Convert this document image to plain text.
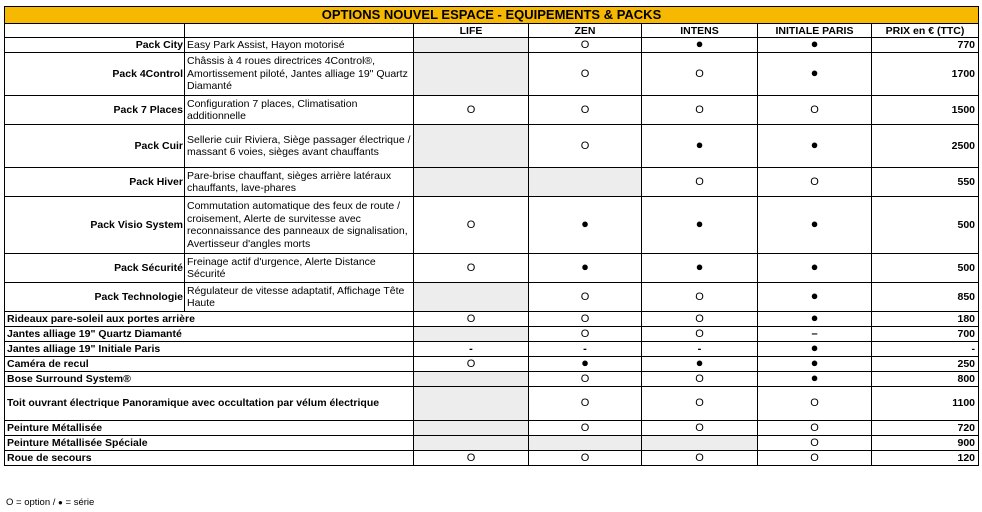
OPTIONS NOUVEL ESPACE - EQUIPEMENTS & PACKS						
		LIFE	ZEN	INTENS	INITIALE PARIS	PRIX en € (TTC)
Pack City	Easy Park Assist, Hayon motorisé		O	●	●	770
Pack 4Control	Châssis à 4 roues directrices 4Control®, Amortissement piloté, Jantes alliage 19" Quartz Diamanté		O	O	●	1700
Pack 7 Places	Configuration 7 places, Climatisation additionnelle	O	O	O	O	1500
Pack Cuir	Sellerie cuir Riviera, Siège passager électrique / massant 6 voies, sièges avant chauffants		O	●	●	2500
Pack Hiver	Pare-brise chauffant, sièges arrière latéraux chauffants, lave-phares			O	O	550
Pack Visio System	Commutation automatique des feux de route / croisement, Alerte de survitesse avec reconnaissance des panneaux de signalisation, Avertisseur d'angles morts	O	●	●	●	500
Pack Sécurité	Freinage actif d'urgence, Alerte Distance Sécurité	O	●	●	●	500
Pack Technologie	Régulateur de vitesse adaptatif, Affichage Tête Haute		O	O	●	850
Rideaux pare-soleil aux portes arrière		O	O	O	●	180
Jantes alliage 19" Quartz Diamanté			O	O	–	700
Jantes alliage 19" Initiale Paris		-	-	-	●	-
Caméra de recul		O	●	●	●	250
Bose Surround System®			O	O	●	800
Toit ouvrant électrique Panoramique avec occultation par vélum électrique			O	O	O	1100
Peinture Métallisée			O	O	O	720
Peinture Métallisée Spéciale					O	900
Roue de secours		O	O	O	O	120
O = option / ● = série
